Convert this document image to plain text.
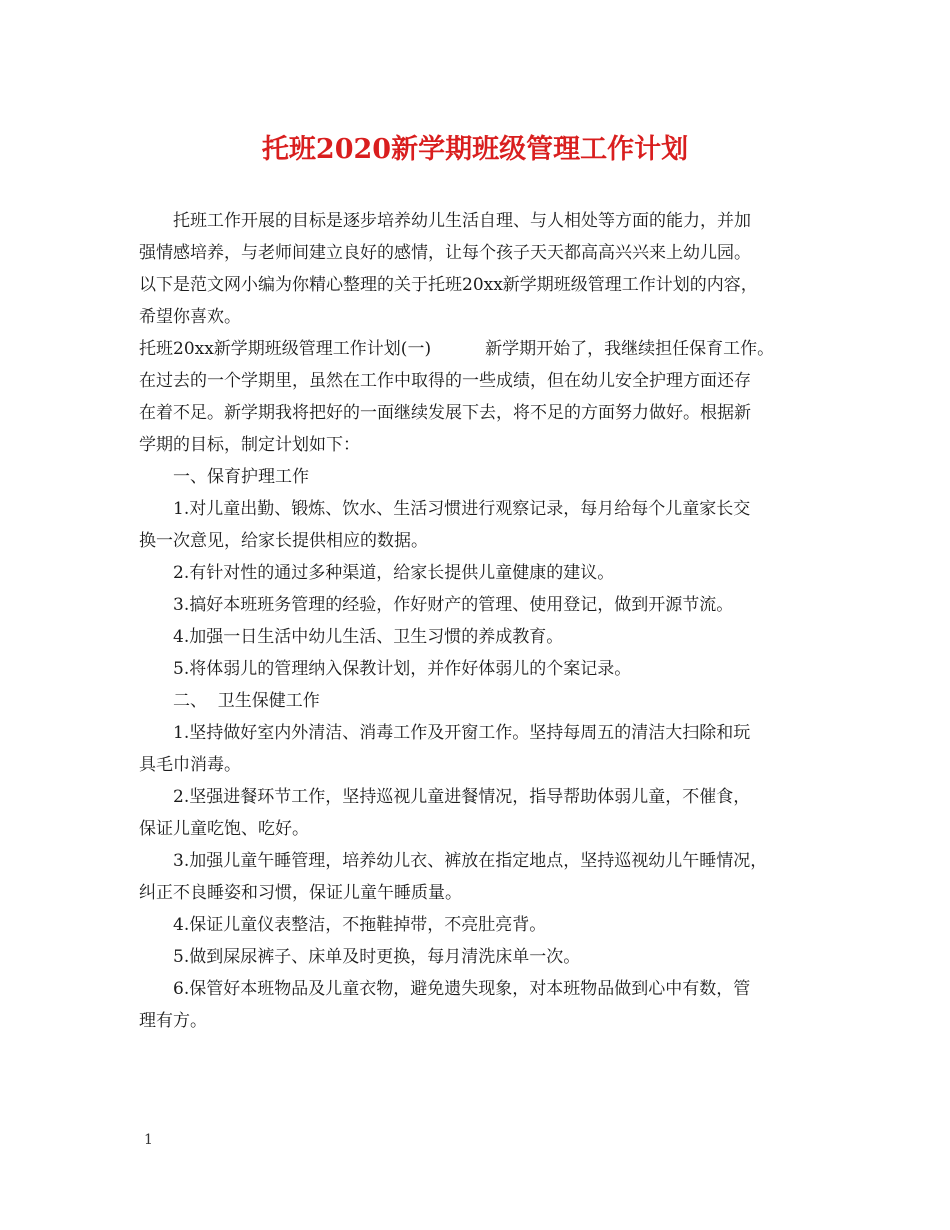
托班2020新学期班级管理工作计划
托班工作开展的目标是逐步培养幼儿生活自理、与人相处等方面的能力，并加
强情感培养，与老师间建立良好的感情，让每个孩子天天都高高兴兴来上幼儿园。
以下是范文网小编为你精心整理的关于托班20xx新学期班级管理工作计划的内容，
希望你喜欢。
托班20xx新学期班级管理工作计划(一)	新学期开始了，我继续担任保育工作。
在过去的一个学期里，虽然在工作中取得的一些成绩，但在幼儿安全护理方面还存
在着不足。新学期我将把好的一面继续发展下去，将不足的方面努力做好。根据新
学期的目标，制定计划如下：
一、保育护理工作
1.对儿童出勤、锻炼、饮水、生活习惯进行观察记录，每月给每个儿童家长交
换一次意见，给家长提供相应的数据。
2.有针对性的通过多种渠道，给家长提供儿童健康的建议。
3.搞好本班班务管理的经验，作好财产的管理、使用登记，做到开源节流。
4.加强一日生活中幼儿生活、卫生习惯的养成教育。
5.将体弱儿的管理纳入保教计划，并作好体弱儿的个案记录。
二、  卫生保健工作
1.坚持做好室内外清洁、消毒工作及开窗工作。坚持每周五的清洁大扫除和玩
具毛巾消毒。
2.坚强进餐环节工作，坚持巡视儿童进餐情况，指导帮助体弱儿童，不催食，
保证儿童吃饱、吃好。
3.加强儿童午睡管理，培养幼儿衣、裤放在指定地点，坚持巡视幼儿午睡情况，
纠正不良睡姿和习惯，保证儿童午睡质量。
4.保证儿童仪表整洁，不拖鞋掉带，不亮肚亮背。
5.做到屎尿裤子、床单及时更换，每月清洗床单一次。
6.保管好本班物品及儿童衣物，避免遗失现象，对本班物品做到心中有数，管
理有方。
1
